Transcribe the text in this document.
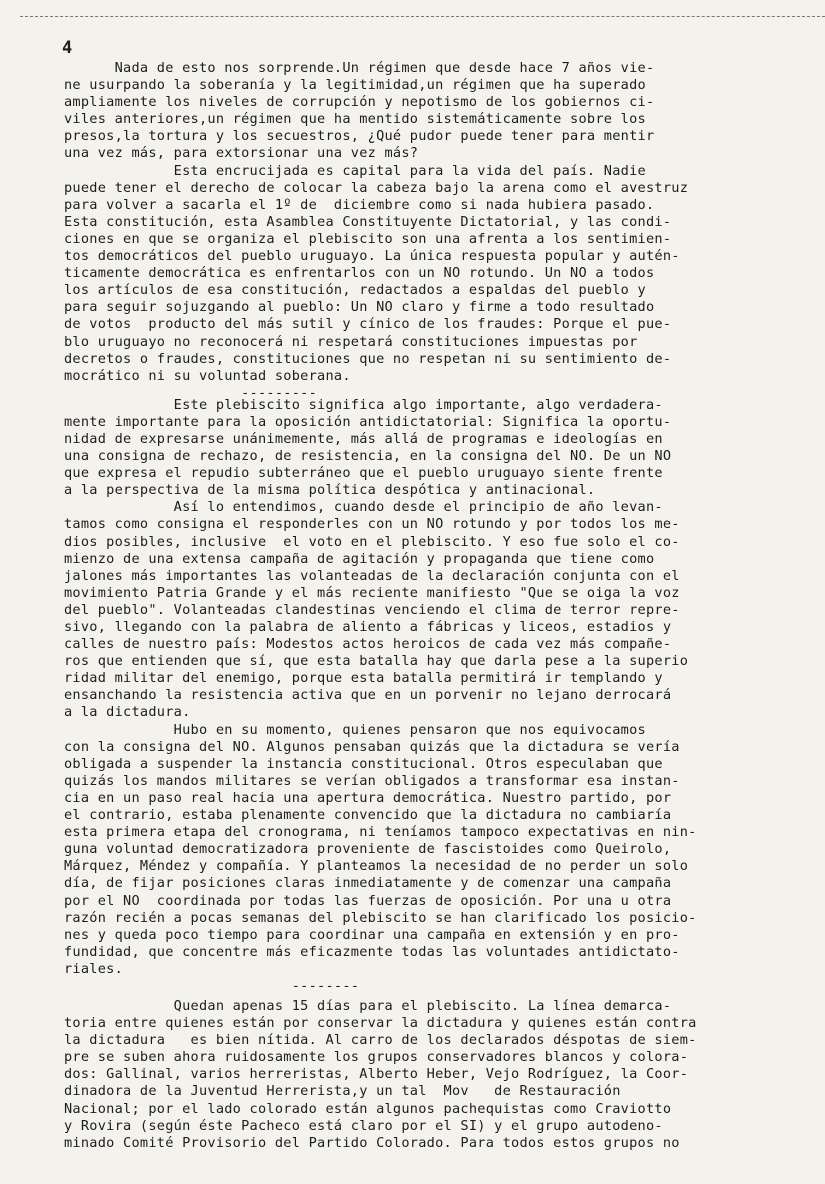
4
Nada de esto nos sorprende.Un régimen que desde hace 7 años vie-
ne usurpando la soberanía y la legitimidad,un régimen que ha superado
ampliamente los niveles de corrupción y nepotismo de los gobiernos ci-
viles anteriores,un régimen que ha mentido sistemáticamente sobre los
presos,la tortura y los secuestros, ¿Qué pudor puede tener para mentir
una vez más, para extorsionar una vez más?
Esta encrucijada es capital para la vida del país. Nadie
puede tener el derecho de colocar la cabeza bajo la arena como el avestruz
para volver a sacarla el 1º de  diciembre como si nada hubiera pasado.
Esta constitución, esta Asamblea Constituyente Dictatorial, y las condi-
ciones en que se organiza el plebiscito son una afrenta a los sentimien-
tos democráticos del pueblo uruguayo. La única respuesta popular y autén-
ticamente democrática es enfrentarlos con un NO rotundo. Un NO a todos
los artículos de esa constitución, redactados a espaldas del pueblo y
para seguir sojuzgando al pueblo: Un NO claro y firme a todo resultado
de votos  producto del más sutil y cínico de los fraudes: Porque el pue-
blo uruguayo no reconocerá ni respetará constituciones impuestas por
decretos o fraudes, constituciones que no respetan ni su sentimiento de-
mocrático ni su voluntad soberana.
---------
Este plebiscito significa algo importante, algo verdadera-
mente importante para la oposición antidictatorial: Significa la oportu-
nidad de expresarse unánimemente, más allá de programas e ideologías en
una consigna de rechazo, de resistencia, en la consigna del NO. De un NO
que expresa el repudio subterráneo que el pueblo uruguayo siente frente
a la perspectiva de la misma política despótica y antinacional.
Así lo entendimos, cuando desde el principio de año levan-
tamos como consigna el responderles con un NO rotundo y por todos los me-
dios posibles, inclusive  el voto en el plebiscito. Y eso fue solo el co-
mienzo de una extensa campaña de agitación y propaganda que tiene como
jalones más importantes las volanteadas de la declaración conjunta con el
movimiento Patria Grande y el más reciente manifiesto "Que se oiga la voz
del pueblo". Volanteadas clandestinas venciendo el clima de terror repre-
sivo, llegando con la palabra de aliento a fábricas y liceos, estadios y
calles de nuestro país: Modestos actos heroicos de cada vez más compañe-
ros que entienden que sí, que esta batalla hay que darla pese a la superio
ridad militar del enemigo, porque esta batalla permitirá ir templando y
ensanchando la resistencia activa que en un porvenir no lejano derrocará
a la dictadura.
Hubo en su momento, quienes pensaron que nos equivocamos
con la consigna del NO. Algunos pensaban quizás que la dictadura se vería
obligada a suspender la instancia constitucional. Otros especulaban que
quizás los mandos militares se verían obligados a transformar esa instan-
cia en un paso real hacia una apertura democrática. Nuestro partido, por
el contrario, estaba plenamente convencido que la dictadura no cambiaría
esta primera etapa del cronograma, ni teníamos tampoco expectativas en nin-
guna voluntad democratizadora proveniente de fascistoides como Queirolo,
Márquez, Méndez y compañía. Y planteamos la necesidad de no perder un solo
día, de fijar posiciones claras inmediatamente y de comenzar una campaña
por el NO  coordinada por todas las fuerzas de oposición. Por una u otra
razón recién a pocas semanas del plebiscito se han clarificado los posicio-
nes y queda poco tiempo para coordinar una campaña en extensión y en pro-
fundidad, que concentre más eficazmente todas las voluntades antidictato-
riales.
--------
Quedan apenas 15 días para el plebiscito. La línea demarca-
toria entre quienes están por conservar la dictadura y quienes están contra
la dictadura   es bien nítida. Al carro de los declarados déspotas de siem-
pre se suben ahora ruidosamente los grupos conservadores blancos y colora-
dos: Gallinal, varios herreristas, Alberto Heber, Vejo Rodríguez, la Coor-
dinadora de la Juventud Herrerista,y un tal  Mov   de Restauración
Nacional; por el lado colorado están algunos pachequistas como Craviotto
y Rovira (según éste Pacheco está claro por el SI) y el grupo autodeno-
minado Comité Provisorio del Partido Colorado. Para todos estos grupos no
